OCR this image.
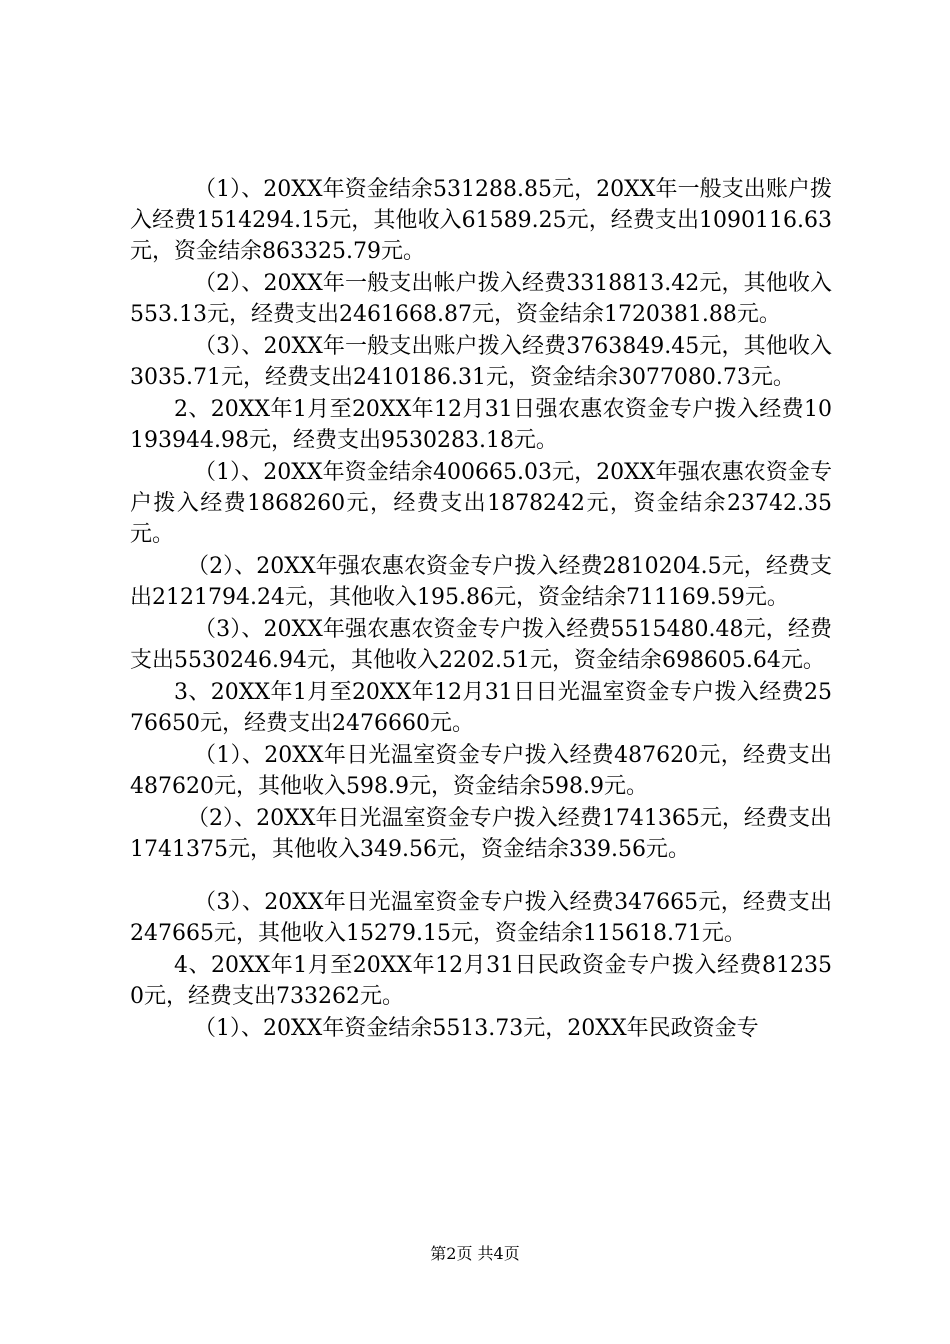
（1）、20XX年资金结余531288.85元，20XX年一般支出账户拨入经费1514294.15元，其他收入61589.25元，经费支出1090116.63元，资金结余863325.79元。

（2）、20XX年一般支出帐户拨入经费3318813.42元，其他收入553.13元，经费支出2461668.87元，资金结余1720381.88元。

（3）、20XX年一般支出账户拨入经费3763849.45元，其他收入3035.71元，经费支出2410186.31元，资金结余3077080.73元。

2、20XX年1月至20XX年12月31日强农惠农资金专户拨入经费10193944.98元，经费支出9530283.18元。

（1）、20XX年资金结余400665.03元，20XX年强农惠农资金专户拨入经费1868260元，经费支出1878242元，资金结余23742.35元。

（2）、20XX年强农惠农资金专户拨入经费2810204.5元，经费支出2121794.24元，其他收入195.86元，资金结余711169.59元。

（3）、20XX年强农惠农资金专户拨入经费5515480.48元，经费支出5530246.94元，其他收入2202.51元，资金结余698605.64元。

3、20XX年1月至20XX年12月31日日光温室资金专户拨入经费2576650元，经费支出2476660元。

（1）、20XX年日光温室资金专户拨入经费487620元，经费支出487620元，其他收入598.9元，资金结余598.9元。

（2）、20XX年日光温室资金专户拨入经费1741365元，经费支出1741375元，其他收入349.56元，资金结余339.56元。

（3）、20XX年日光温室资金专户拨入经费347665元，经费支出247665元，其他收入15279.15元，资金结余115618.71元。

4、20XX年1月至20XX年12月31日民政资金专户拨入经费812350元，经费支出733262元。

（1）、20XX年资金结余5513.73元，20XX年民政资金专

第2页 共4页
